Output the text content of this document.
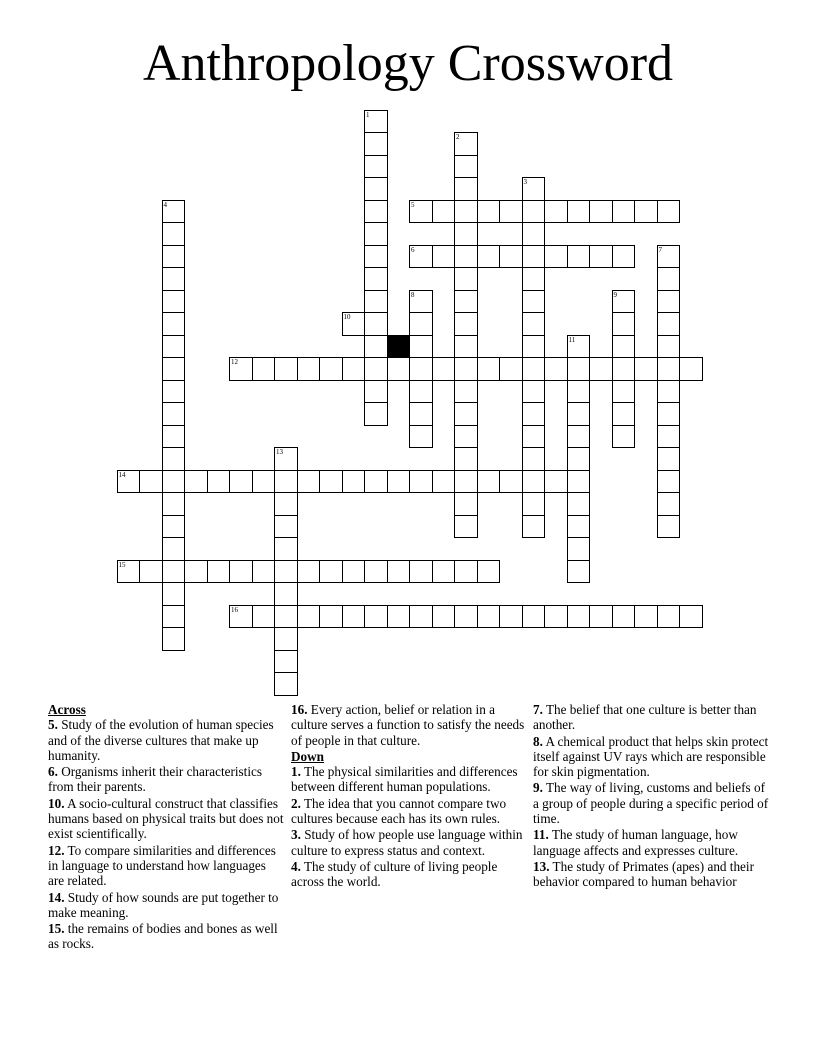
Anthropology Crossword
1
2
3
4	5
6	7
8	9
10
11
12
13
14
15
16
Across
5. Study of the evolution of human species and of the diverse cultures that make up humanity.
6. Organisms inherit their characteristics from their parents.
10. A socio-cultural construct that classifies humans based on physical traits but does not exist scientifically.
12. To compare similarities and differences in language to understand how languages are related.
14. Study of how sounds are put together to make meaning.
15. the remains of bodies and bones as well as rocks.
16. Every action, belief or relation in a culture serves a function to satisfy the needs of people in that culture.
Down
1. The physical similarities and differences between different human populations.
2. The idea that you cannot compare two cultures because each has its own rules.
3. Study of how people use language within culture to express status and context.
4. The study of culture of living people across the world.
7. The belief that one culture is better than another.
8. A chemical product that helps skin protect itself against UV rays which are responsible for skin pigmentation.
9. The way of living, customs and beliefs of a group of people during a specific period of time.
11. The study of human language, how language affects and expresses culture.
13. The study of Primates (apes) and their behavior compared to human behavior
